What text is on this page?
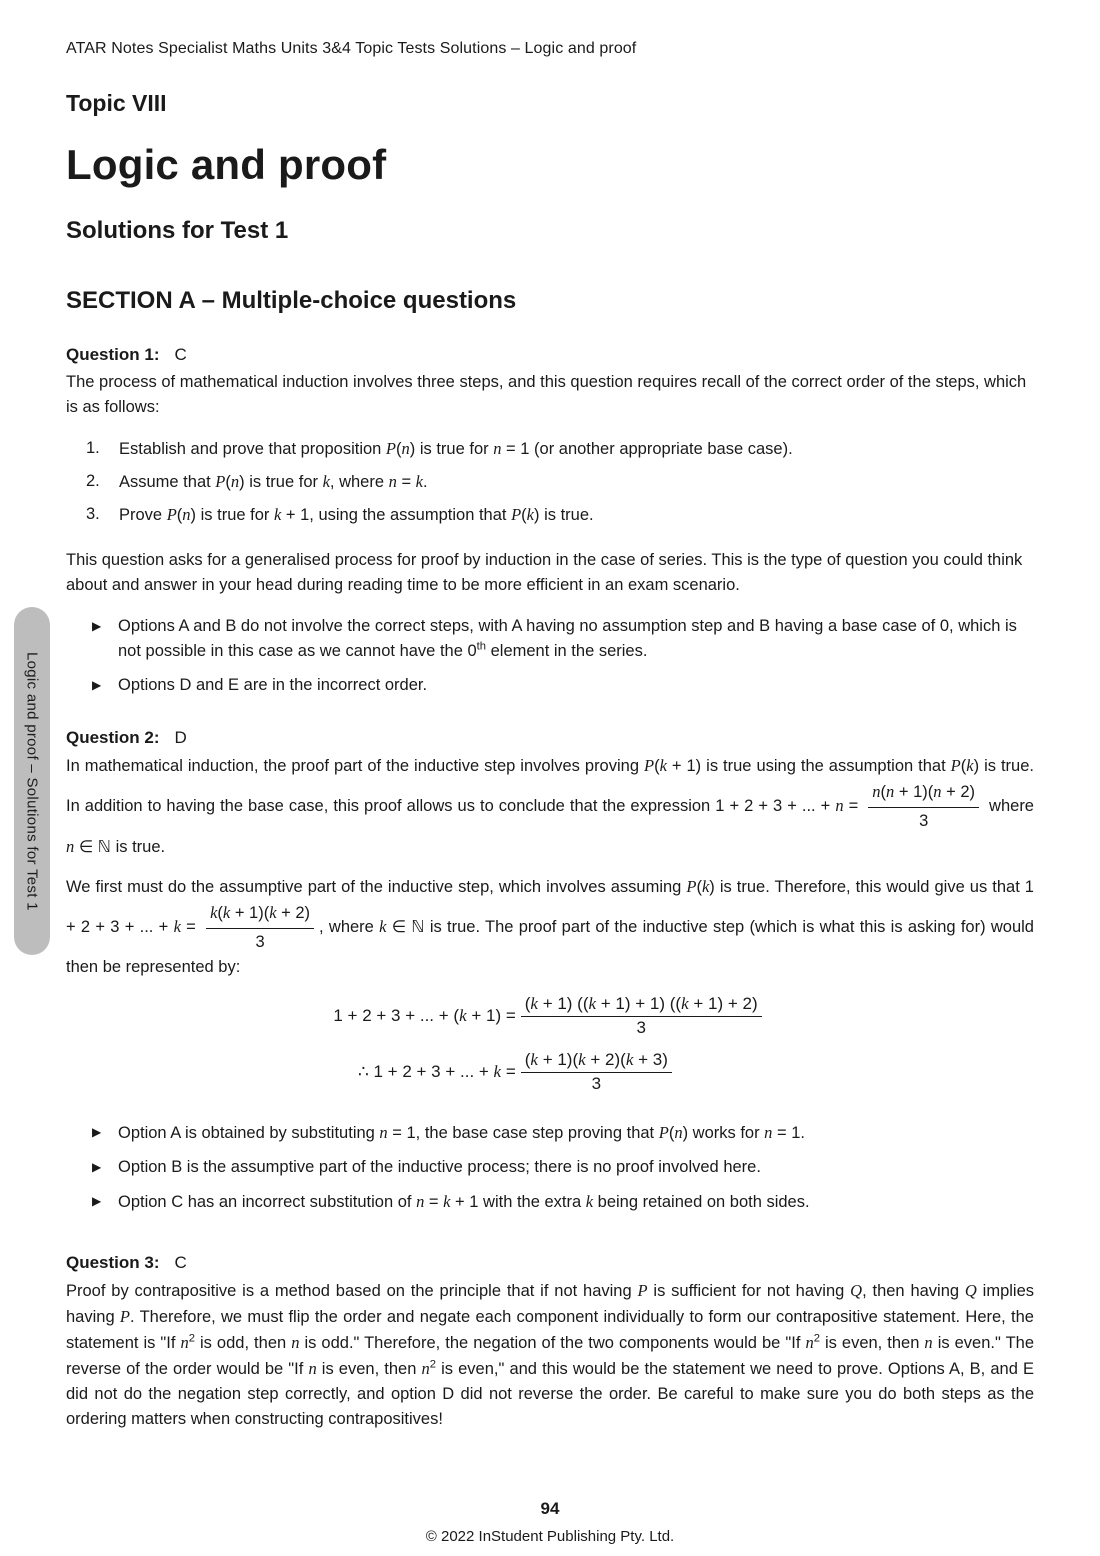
Logic and proof – Solutions for Test 1
ATAR Notes Specialist Maths Units 3&4 Topic Tests Solutions – Logic and proof
Topic VIII
Logic and proof
Solutions for Test 1
SECTION A – Multiple-choice questions
Question 1: C

The process of mathematical induction involves three steps, and this question requires recall of the correct order of the steps, which is as follows:

1.	Establish and prove that proposition P(n) is true for n = 1 (or another appropriate base case).
2.	Assume that P(n) is true for k, where n = k.
3.	Prove P(n) is true for k + 1, using the assumption that P(k) is true.

This question asks for a generalised process for proof by induction in the case of series. This is the type of question you could think about and answer in your head during reading time to be more efficient in an exam scenario.

▶	Options A and B do not involve the correct steps, with A having no assumption step and B having a base case of 0, which is not possible in this case as we cannot have the 0th element in the series.
▶	Options D and E are in the incorrect order.
Question 2: D

In mathematical induction, the proof part of the inductive step involves proving P(k + 1) is true using the assumption that P(k) is true. In addition to having the base case, this proof allows us to conclude that the expression 1 + 2 + 3 + ... + $n = \frac{n(n + 1)(n + 2)}{3}$ where n ∈ ℕ is true.

We first must do the assumptive part of the inductive step, which involves assuming P(k) is true. Therefore, this would give us that 1 + 2 + 3 + ... + $k = \frac{k(k + 1)(k + 2)}{3}$ , where k ∈ ℕ is true. The proof part of the inductive step (which is what this is asking for) would then be represented by:

1 + 2 + 3 + ... + $(k + 1) = \frac{(k + 1) ((k + 1) + 1) ((k + 1) + 2)}{3}$
∴ 1 + 2 + 3 + ... + $k = \frac{(k + 1)(k + 2)(k + 3)}{3}$
▶	Option A is obtained by substituting n = 1, the base case step proving that P(n) works for n = 1.
▶	Option B is the assumptive part of the inductive process; there is no proof involved here.
▶	Option C has an incorrect substitution of n = k + 1 with the extra k being retained on both sides.
Question 3: C

Proof by contrapositive is a method based on the principle that if not having P is sufficient for not having Q, then having Q implies having P. Therefore, we must flip the order and negate each component individually to form our contrapositive statement. Here, the statement is "If $n^2$ is odd, then n is odd." Therefore, the negation of the two components would be "If $n^2$ is even, then n is even." The reverse of the order would be "If n is even, then $n^2$ is even," and this would be the statement we need to prove. Options A, B, and E did not do the negation step correctly, and option D did not reverse the order. Be careful to make sure you do both steps as the ordering matters when constructing contrapositives!

94
© 2022 InStudent Publishing Pty. Ltd.
